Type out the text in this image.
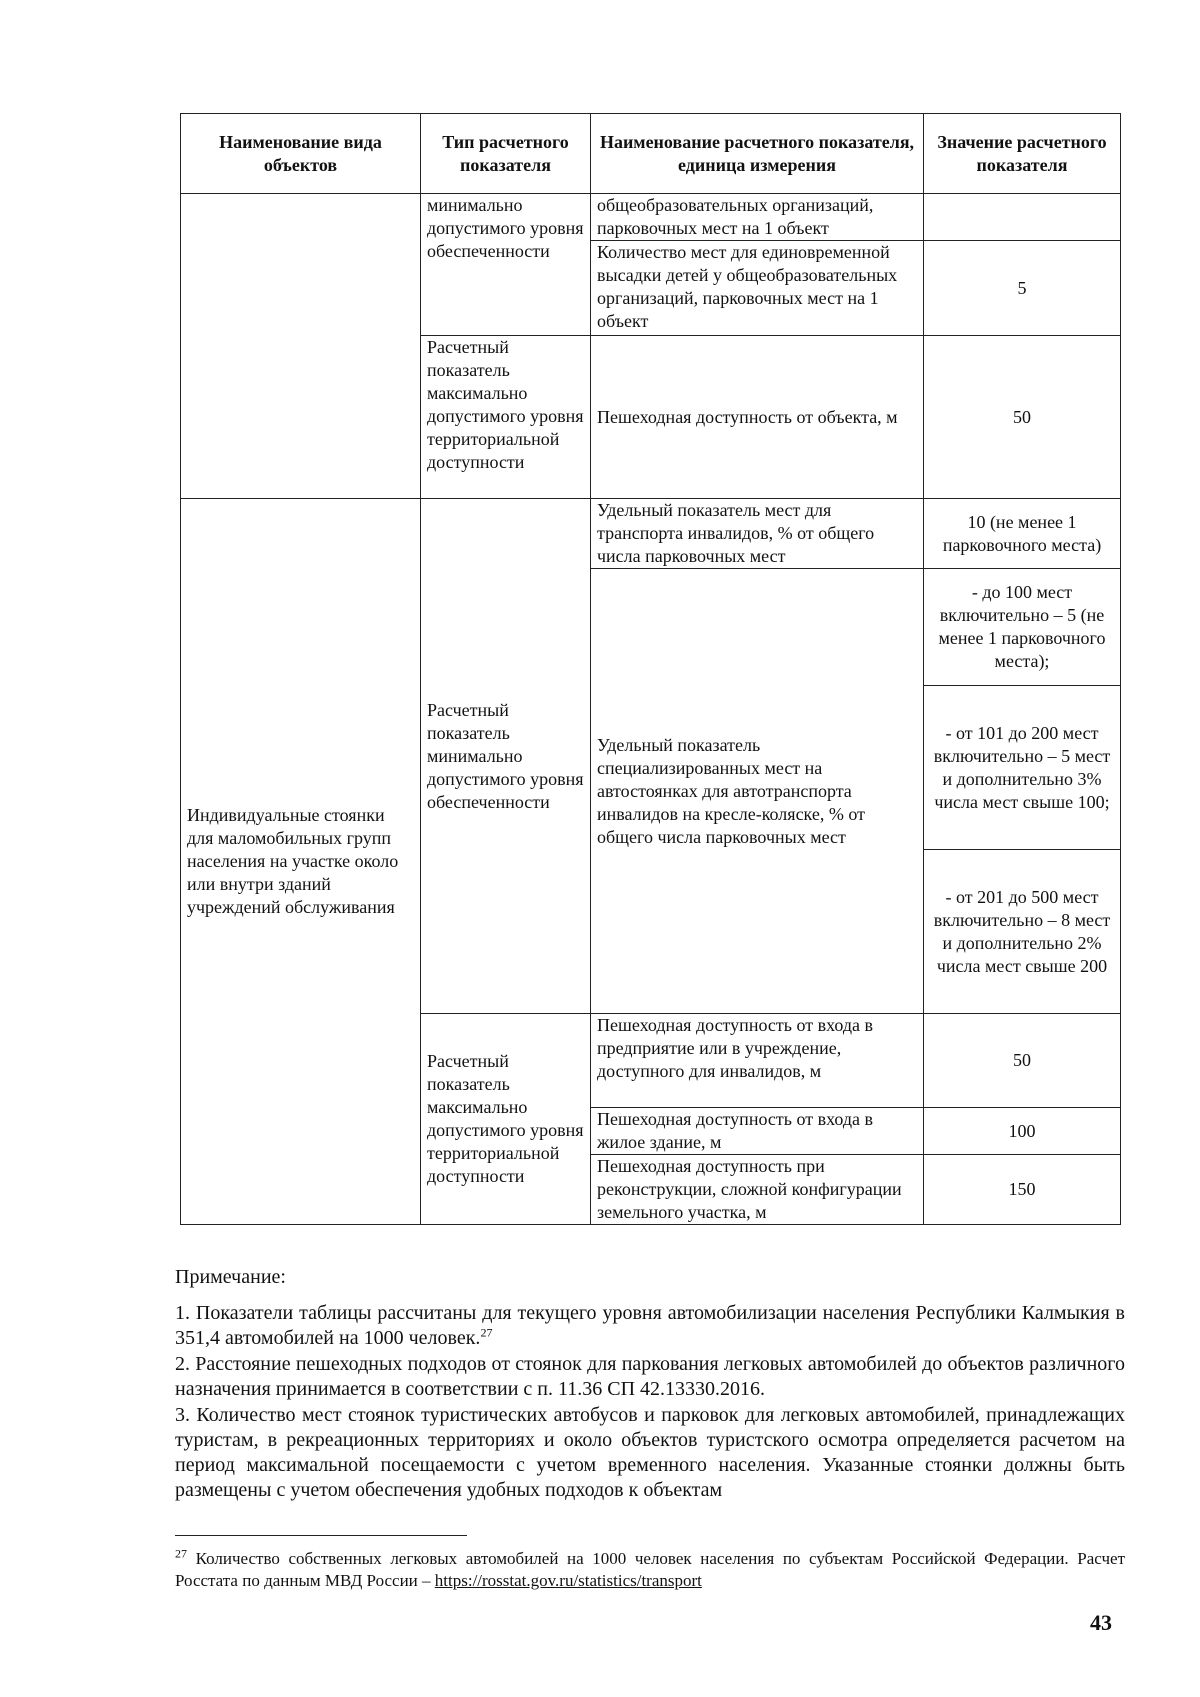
Наименование вида объектов	Тип расчетного показателя	Наименование расчетного показателя, единица измерения	Значение расчетного показателя
	минимально допустимого уровня обеспеченности	общеобразовательных организаций, парковочных мест на 1 объект	
		Количество мест для единовременной высадки детей у общеобразовательных организаций, парковочных мест на 1 объект	5
	Расчетный показатель максимально допустимого уровня территориальной доступности	Пешеходная доступность от объекта, м	50
Индивидуальные стоянки для маломобильных групп населения на участке около или внутри зданий учреждений обслуживания	Расчетный показатель минимально допустимого уровня обеспеченности	Удельный показатель мест для транспорта инвалидов, % от общего числа парковочных мест	10 (не менее 1 парковочного места)
		Удельный показатель специализированных мест на автостоянках для автотранспорта инвалидов на кресле-коляске, % от общего числа парковочных мест	- до 100 мест включительно – 5 (не менее 1 парковочного места);
			- от 101 до 200 мест включительно – 5 мест и дополнительно 3% числа мест свыше 100;
			- от 201 до 500 мест включительно – 8 мест и дополнительно 2% числа мест свыше 200
	Расчетный показатель максимально допустимого уровня территориальной доступности	Пешеходная доступность от входа в предприятие или в учреждение, доступного для инвалидов, м	50
		Пешеходная доступность от входа в жилое здание, м	100
		Пешеходная доступность при реконструкции, сложной конфигурации земельного участка, м	150

Примечание:

1. Показатели таблицы рассчитаны для текущего уровня автомобилизации населения Республики Калмыкия в 351,4 автомобилей на 1000 человек.$^{27}$

2. Расстояние пешеходных подходов от стоянок для паркования легковых автомобилей до объектов различного назначения принимается в соответствии с п. 11.36 СП 42.13330.2016.

3. Количество мест стоянок туристических автобусов и парковок для легковых автомобилей, принадлежащих туристам, в рекреационных территориях и около объектов туристского осмотра определяется расчетом на период максимальной посещаемости с учетом временного населения. Указанные стоянки должны быть размещены с учетом обеспечения удобных подходов к объектам

$^{27}$ Количество собственных легковых автомобилей на 1000 человек населения по субъектам Российской Федерации. Расчет Росстата по данным МВД России – https://rosstat.gov.ru/statistics/transport
43
